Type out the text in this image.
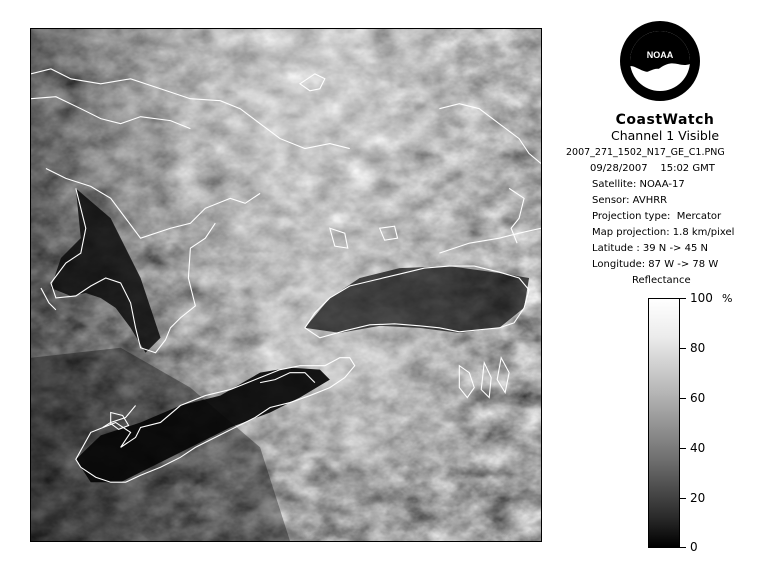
NOAA
CoastWatch
Channel 1 Visible
2007_271_1502_N17_GE_C1.PNG
09/28/2007    15:02 GMT
Satellite: NOAA-17
Sensor: AVHRR
Projection type:  Mercator
Map projection: 1.8 km/pixel
Latitude : 39 N -> 45 N
Longitude: 87 W -> 78 W
Reflectance
%
100
80
60
40
20
0
